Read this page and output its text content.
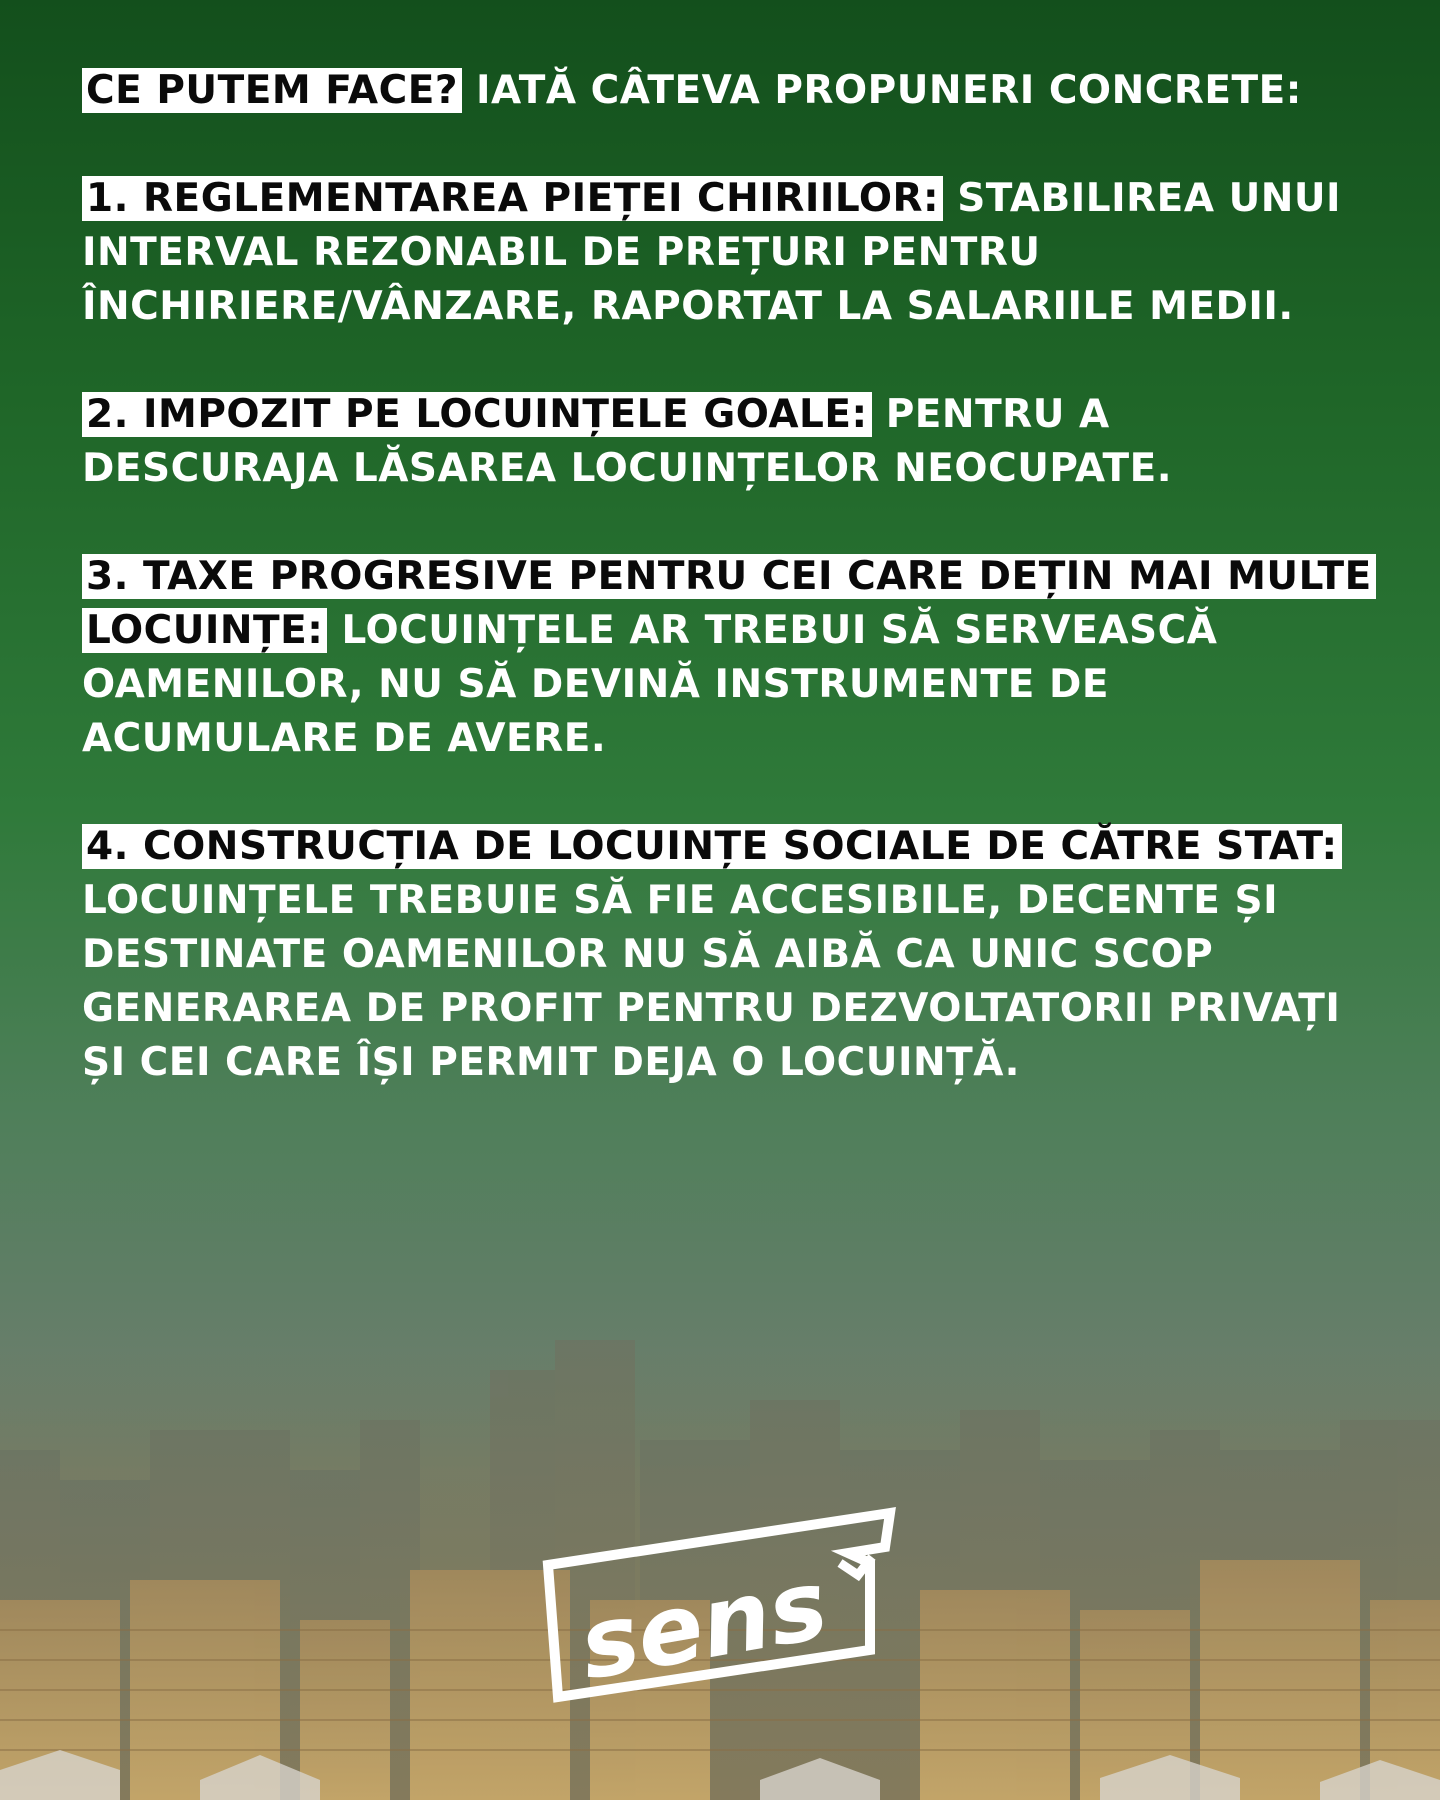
CE PUTEM FACE? IATĂ CÂTEVA PROPUNERI CONCRETE:

1. REGLEMENTAREA PIEȚEI CHIRIILOR: STABILIREA UNUI INTERVAL REZONABIL DE PREȚURI PENTRU ÎNCHIRIERE/VÂNZARE, RAPORTAT LA SALARIILE MEDII.

2. IMPOZIT PE LOCUINȚELE GOALE: PENTRU A DESCURAJA LĂSAREA LOCUINȚELOR NEOCUPATE.

3. TAXE PROGRESIVE PENTRU CEI CARE DEȚIN MAI MULTE LOCUINȚE: LOCUINȚELE AR TREBUI SĂ SERVEASCĂ OAMENILOR, NU SĂ DEVINĂ INSTRUMENTE DE ACUMULARE DE AVERE.

4. CONSTRUCȚIA DE LOCUINȚE SOCIALE DE CĂTRE STAT: LOCUINȚELE TREBUIE SĂ FIE ACCESIBILE, DECENTE ȘI DESTINATE OAMENILOR NU SĂ AIBĂ CA UNIC SCOP GENERAREA DE PROFIT PENTRU DEZVOLTATORII PRIVAȚI ȘI CEI CARE ÎȘI PERMIT DEJA O LOCUINȚĂ.

sens
